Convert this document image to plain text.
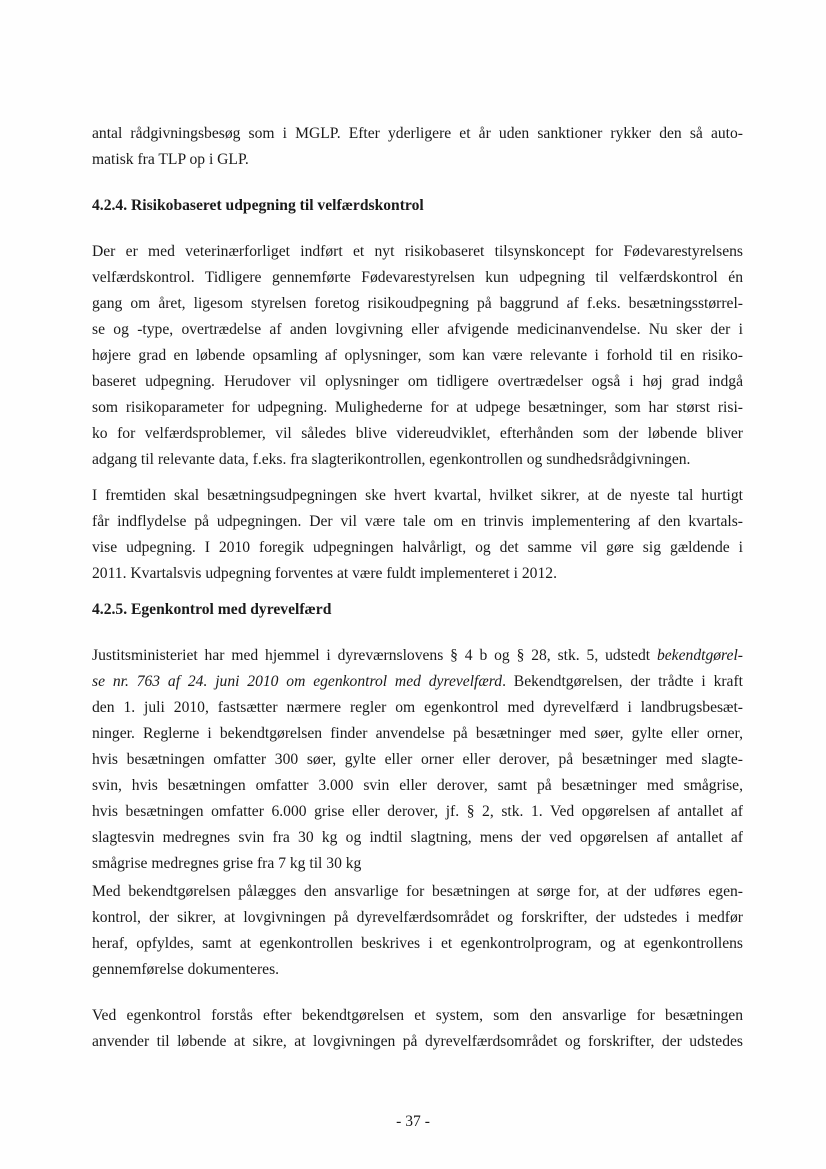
antal rådgivningsbesøg som i MGLP. Efter yderligere et år uden sanktioner rykker den så auto-
matisk fra TLP op i GLP.
4.2.4. Risikobaseret udpegning til velfærdskontrol
Der er med veterinærforliget indført et nyt risikobaseret tilsynskoncept for Fødevarestyrelsens
velfærdskontrol. Tidligere gennemførte Fødevarestyrelsen kun udpegning til velfærdskontrol én
gang om året, ligesom styrelsen foretog risikoudpegning på baggrund af f.eks. besætningsstørrel-
se og -type, overtrædelse af anden lovgivning eller afvigende medicinanvendelse. Nu sker der i
højere grad en løbende opsamling af oplysninger, som kan være relevante i forhold til en risiko-
baseret udpegning. Herudover vil oplysninger om tidligere overtrædelser også i høj grad indgå
som risikoparameter for udpegning. Mulighederne for at udpege besætninger, som har størst risi-
ko for velfærdsproblemer, vil således blive videreudviklet, efterhånden som der løbende bliver
adgang til relevante data, f.eks. fra slagterikontrollen, egenkontrollen og sundhedsrådgivningen.
I fremtiden skal besætningsudpegningen ske hvert kvartal, hvilket sikrer, at de nyeste tal hurtigt
får indflydelse på udpegningen. Der vil være tale om en trinvis implementering af den kvartals-
vise udpegning. I 2010 foregik udpegningen halvårligt, og det samme vil gøre sig gældende i
2011. Kvartalsvis udpegning forventes at være fuldt implementeret i 2012.
4.2.5. Egenkontrol med dyrevelfærd
Justitsministeriet har med hjemmel i dyreværnslovens § 4 b og § 28, stk. 5, udstedt bekendtgørel-
se nr. 763 af 24. juni 2010 om egenkontrol med dyrevelfærd. Bekendtgørelsen, der trådte i kraft
den 1. juli 2010, fastsætter nærmere regler om egenkontrol med dyrevelfærd i landbrugsbesæt-
ninger. Reglerne i bekendtgørelsen finder anvendelse på besætninger med søer, gylte eller orner,
hvis besætningen omfatter 300 søer, gylte eller orner eller derover, på besætninger med slagte-
svin, hvis besætningen omfatter 3.000 svin eller derover, samt på besætninger med smågrise,
hvis besætningen omfatter 6.000 grise eller derover, jf. § 2, stk. 1. Ved opgørelsen af antallet af
slagtesvin medregnes svin fra 30 kg og indtil slagtning, mens der ved opgørelsen af antallet af
smågrise medregnes grise fra 7 kg til 30 kg
Med bekendtgørelsen pålægges den ansvarlige for besætningen at sørge for, at der udføres egen-
kontrol, der sikrer, at lovgivningen på dyrevelfærdsområdet og forskrifter, der udstedes i medfør
heraf, opfyldes, samt at egenkontrollen beskrives i et egenkontrolprogram, og at egenkontrollens
gennemførelse dokumenteres.
Ved egenkontrol forstås efter bekendtgørelsen et system, som den ansvarlige for besætningen
anvender til løbende at sikre, at lovgivningen på dyrevelfærdsområdet og forskrifter, der udstedes
- 37 -
